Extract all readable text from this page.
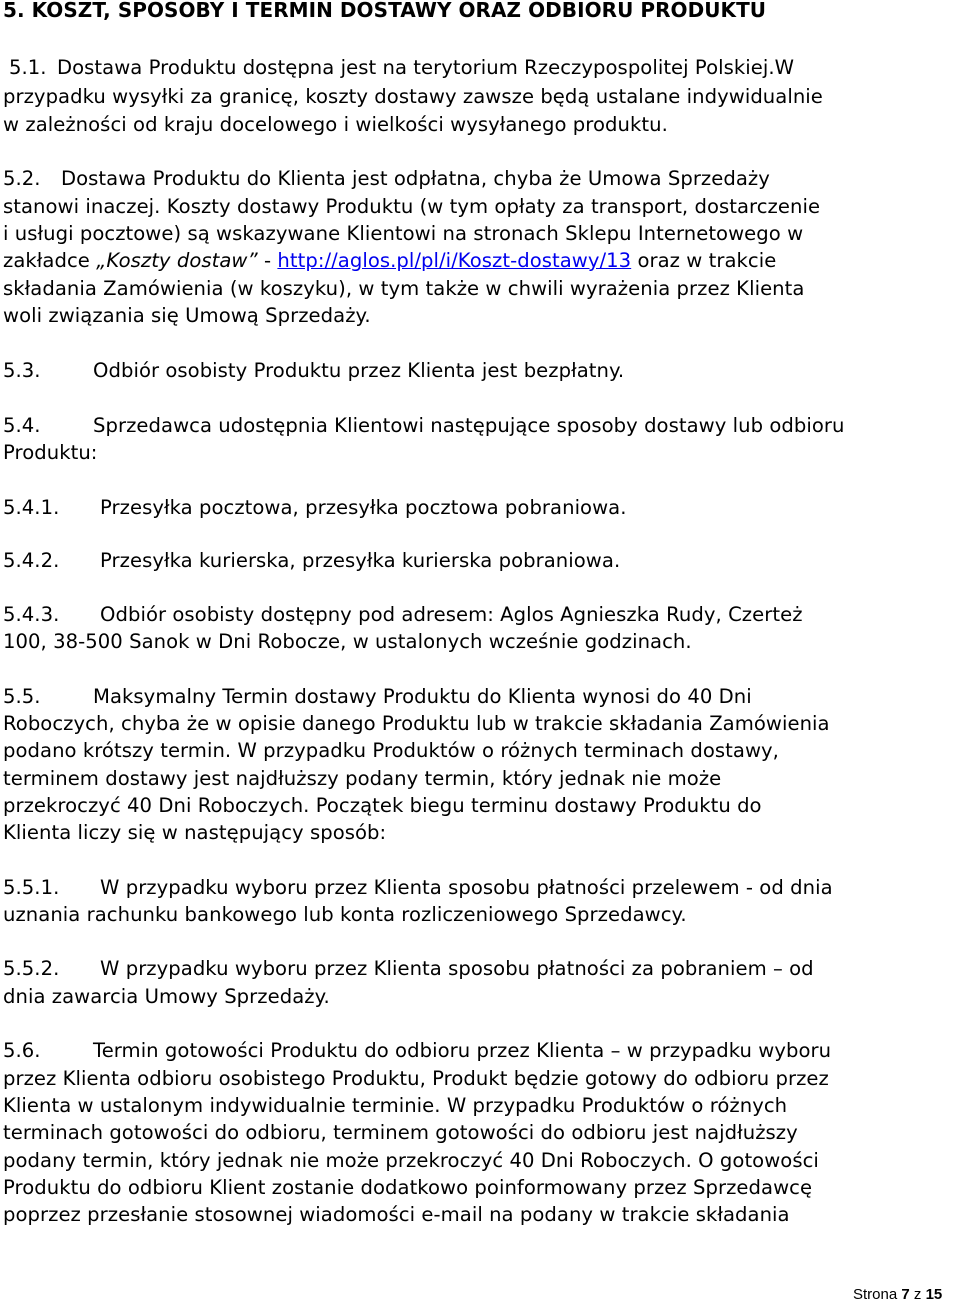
5. KOSZT, SPOSOBY I TERMIN DOSTAWY ORAZ ODBIORU PRODUKTU
5.1. Dostawa Produktu dostępna jest na terytorium Rzeczypospolitej Polskiej.W
przypadku wysyłki za granicę, koszty dostawy zawsze będą ustalane indywidualnie
w zależności od kraju docelowego i wielkości wysyłanego produktu.
5.2. Dostawa Produktu do Klienta jest odpłatna, chyba że Umowa Sprzedaży
stanowi inaczej. Koszty dostawy Produktu (w tym opłaty za transport, dostarczenie
i usługi pocztowe) są wskazywane Klientowi na stronach Sklepu Internetowego w
zakładce „Koszty dostaw” - http://aglos.pl/pl/i/Koszt-dostawy/13 oraz w trakcie
składania Zamówienia (w koszyku), w tym także w chwili wyrażenia przez Klienta
woli związania się Umową Sprzedaży.
5.3.	Odbiór osobisty Produktu przez Klienta jest bezpłatny.
5.4.	Sprzedawca udostępnia Klientowi następujące sposoby dostawy lub odbioru
Produktu:
5.4.1. Przesyłka pocztowa, przesyłka pocztowa pobraniowa.
5.4.2. Przesyłka kurierska, przesyłka kurierska pobraniowa.
5.4.3. Odbiór osobisty dostępny pod adresem: Aglos Agnieszka Rudy, Czerteż
100, 38-500 Sanok w Dni Robocze, w ustalonych wcześnie godzinach.
5.5.	Maksymalny Termin dostawy Produktu do Klienta wynosi do 40 Dni
Roboczych, chyba że w opisie danego Produktu lub w trakcie składania Zamówienia
podano krótszy termin. W przypadku Produktów o różnych terminach dostawy,
terminem dostawy jest najdłuższy podany termin, który jednak nie może
przekroczyć 40 Dni Roboczych. Początek biegu terminu dostawy Produktu do
Klienta liczy się w następujący sposób:
5.5.1. W przypadku wyboru przez Klienta sposobu płatności przelewem - od dnia
uznania rachunku bankowego lub konta rozliczeniowego Sprzedawcy.
5.5.2. W przypadku wyboru przez Klienta sposobu płatności za pobraniem – od
dnia zawarcia Umowy Sprzedaży.
5.6.	Termin gotowości Produktu do odbioru przez Klienta – w przypadku wyboru
przez Klienta odbioru osobistego Produktu, Produkt będzie gotowy do odbioru przez
Klienta w ustalonym indywidualnie terminie. W przypadku Produktów o różnych
terminach gotowości do odbioru, terminem gotowości do odbioru jest najdłuższy
podany termin, który jednak nie może przekroczyć 40 Dni Roboczych. O gotowości
Produktu do odbioru Klient zostanie dodatkowo poinformowany przez Sprzedawcę
poprzez przesłanie stosownej wiadomości e-mail na podany w trakcie składania
Strona 7 z 15
